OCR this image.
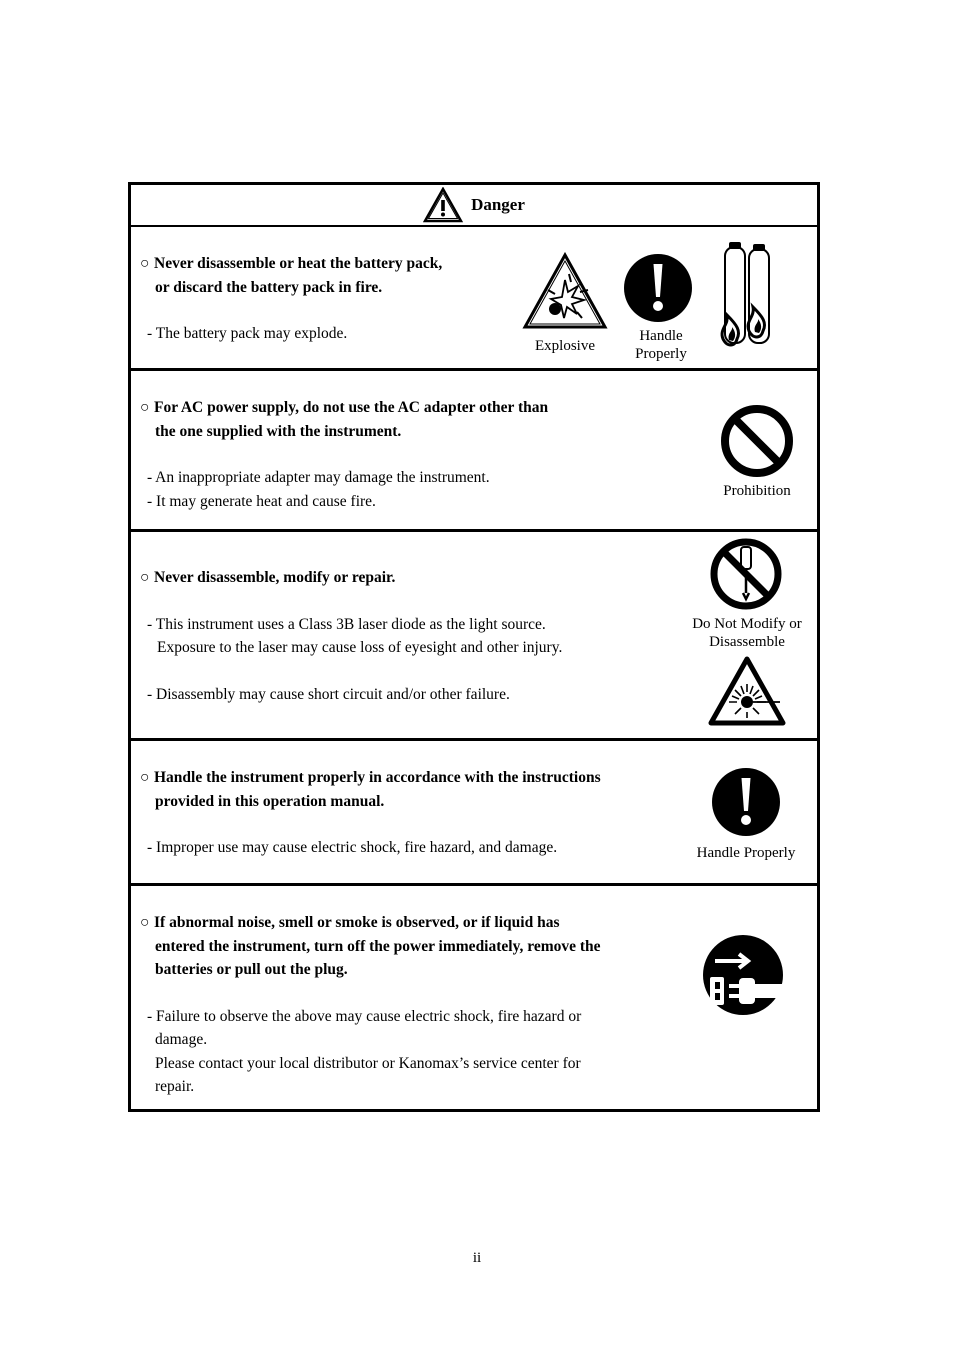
Danger
○ Never disassemble or heat the battery pack,
or discard the battery pack in fire.
- The battery pack may explode.
Explosive
Handle
Properly
○ For AC power supply, do not use the AC adapter other than
the one supplied with the instrument.
- An inappropriate adapter may damage the instrument.
- It may generate heat and cause fire.
Prohibition
○ Never disassemble, modify or repair.
- This instrument uses a Class 3B laser diode as the light source.
Exposure to the laser may cause loss of eyesight and other injury.
- Disassembly may cause short circuit and/or other failure.
Do Not Modify or
Disassemble
○ Handle the instrument properly in accordance with the instructions
provided in this operation manual.
- Improper use may cause electric shock, fire hazard, and damage.	Handle Properly
○ If abnormal noise, smell or smoke is observed, or if liquid has
entered the instrument, turn off the power immediately, remove the
batteries or pull out the plug.
- Failure to observe the above may cause electric shock, fire hazard or
damage.
Please contact your local distributor or Kanomax’s service center for
repair.
ii
